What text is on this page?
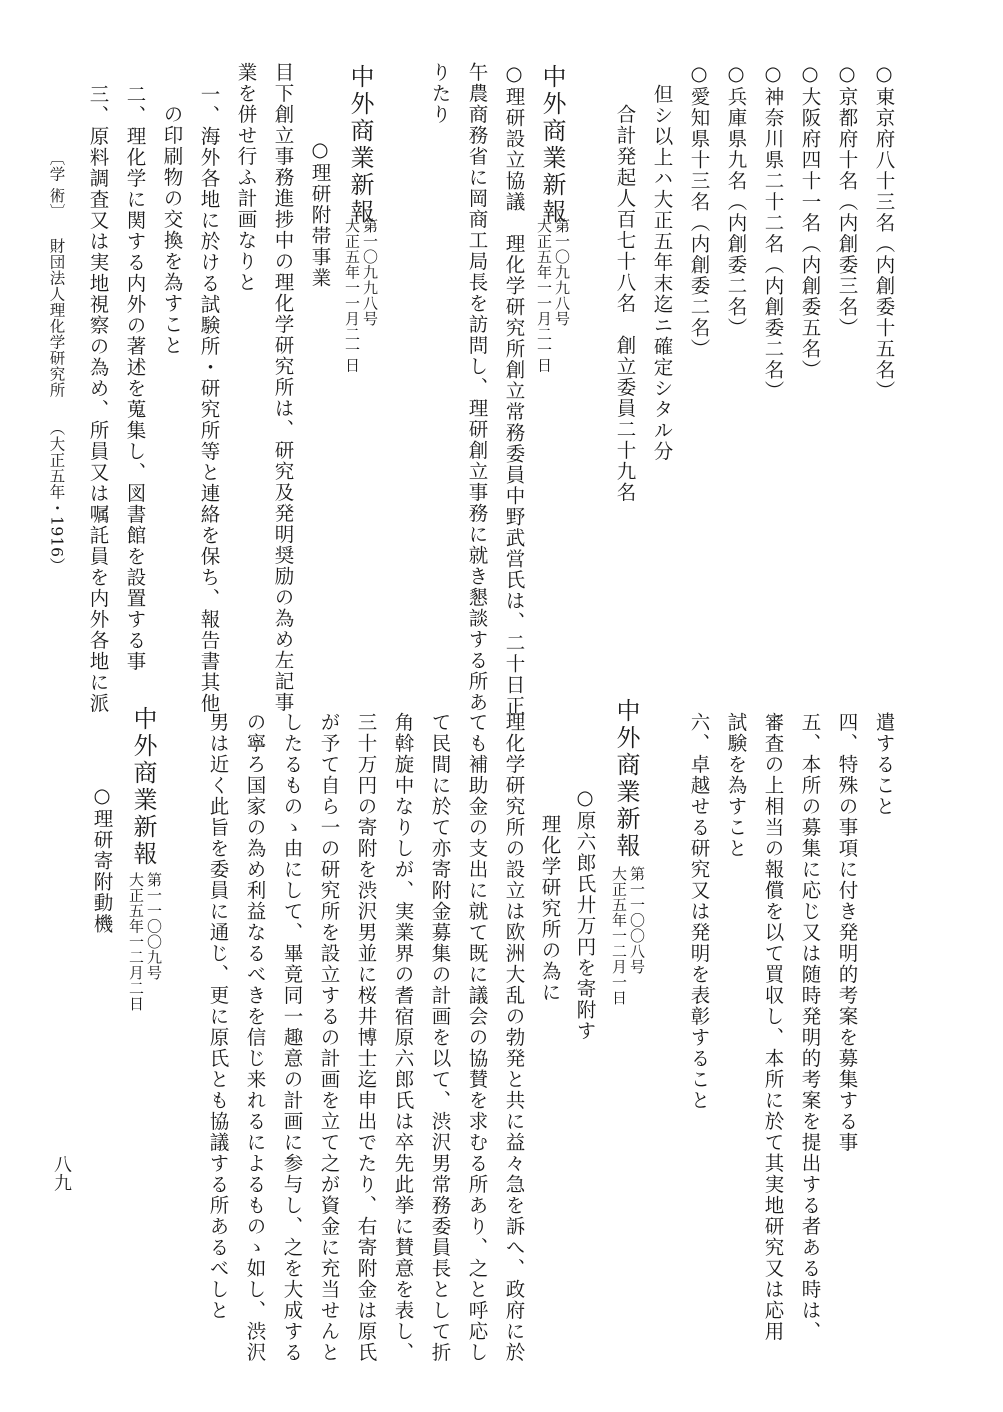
○東京府八十三名（内創委十五名）
○京都府十名（内創委三名）
○大阪府四十一名（内創委五名）
○神奈川県二十二名（内創委二名）
○兵庫県九名（内創委二名）
○愛知県十三名（内創委二名）
但シ以上ハ大正五年末迄ニ確定シタル分
合計発起人百七十八名　創立委員二十九名
中外商業新報
第一〇九九八号
大正五年一一月二一日
○理研設立協議　理化学研究所創立常務委員中野武営氏は、二十日正
午農商務省に岡商工局長を訪問し、理研創立事務に就き懇談する所あ
りたり
中外商業新報
第一〇九九八号
大正五年一一月二一日
○理研附帯事業
目下創立事務進捗中の理化学研究所は、研究及発明奨励の為め左記事
業を併せ行ふ計画なりと
一、海外各地に於ける試験所・研究所等と連絡を保ち、報告書其他
の印刷物の交換を為すこと
二、理化学に関する内外の著述を蒐集し、図書館を設置する事
三、原料調査又は実地視察の為め、所員又は嘱託員を内外各地に派
〔学 術〕
財団法人理化学研究所
（大正五年・1916）
遣すること
四、特殊の事項に付き発明的考案を募集する事
五、本所の募集に応じ又は随時発明的考案を提出する者ある時は、
審査の上相当の報償を以て買収し、本所に於て其実地研究又は応用
試験を為すこと
六、卓越せる研究又は発明を表彰すること
中外商業新報
第一一〇〇八号
大正五年一二月一日
○原六郎氏廾万円を寄附す
理化学研究所の為に
理化学研究所の設立は欧洲大乱の勃発と共に益々急を訴へ、政府に於
ても補助金の支出に就て既に議会の協賛を求むる所あり、之と呼応し
て民間に於て亦寄附金募集の計画を以て、渋沢男常務委員長として折
角斡旋中なりしが、実業界の耆宿原六郎氏は卒先此挙に賛意を表し、
三十万円の寄附を渋沢男並に桜井博士迄申出でたり、右寄附金は原氏
が予て自ら一の研究所を設立するの計画を立て之が資金に充当せんと
したるものゝ由にして、畢竟同一趣意の計画に参与し、之を大成する
の寧ろ国家の為め利益なるべきを信じ来れるによるものゝ如し、渋沢
男は近く此旨を委員に通じ、更に原氏とも協議する所あるべしと
中外商業新報
第一一〇〇九号
大正五年一二月二日
○理研寄附動機
八九
